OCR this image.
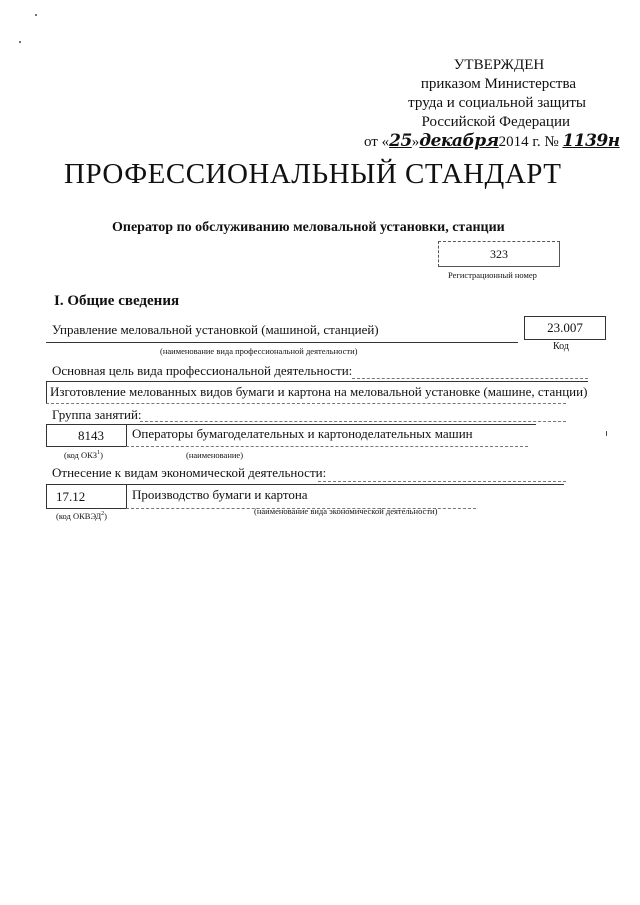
УТВЕРЖДЕН
приказом Министерства
труда и социальной защиты
Российской Федерации
от «25»декабря2014 г. № 1139н
ПРОФЕССИОНАЛЬНЫЙ СТАНДАРТ
Оператор по обслуживанию меловальной установки, станции
323
Регистрационный номер
I. Общие сведения
Управление меловальной установкой (машиной, станцией)	23.007
(наименование вида профессиональной деятельности)	Код
Основная цель вида профессиональной деятельности:
Изготовление мелованных видов бумаги и картона на меловальной установке (машине, станции)
Группа занятий:
8143 Операторы бумагоделательных и картоноделательных машин
(код ОКЗ$^1$)	(наименование)
Отнесение к видам экономической деятельности:
17.12	Производство бумаги и картона
(код ОКВЭД$^2$)	(наименование вида экономической деятельности)
